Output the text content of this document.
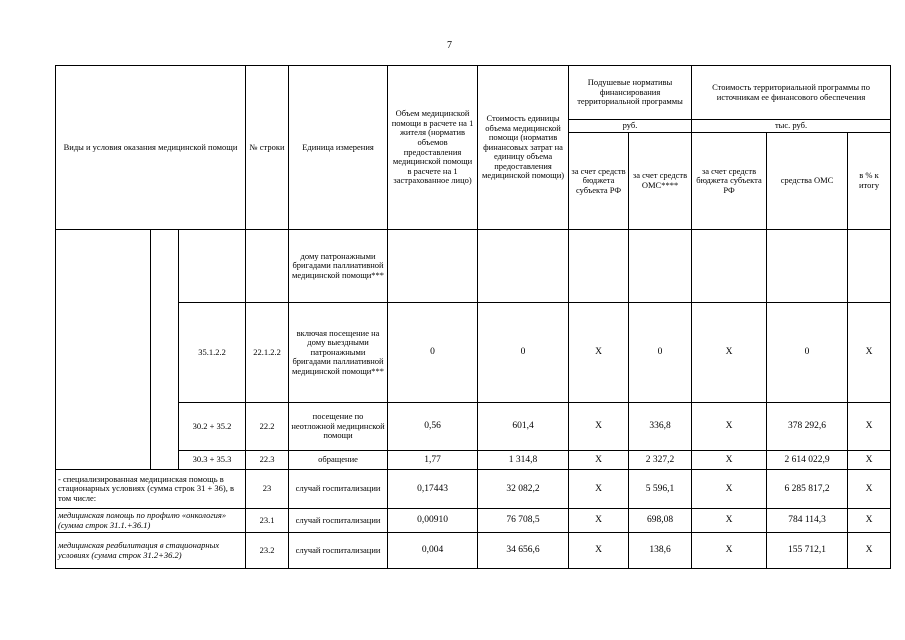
7
Виды и условия оказания медицинской помощи			№ строки	Единица измерения	Объем медицинской помощи в расчете на 1 жителя (норматив объемов предоставления медицинской помощи в расчете на 1 застрахованное лицо)	Стоимость единицы объема медицинской помощи (норматив финансовых затрат на единицу объема предоставления медицинской помощи)	Подушевые нормативы финансирования территориальной программы		Стоимость территориальной программы по источникам ее финансового обеспечения		
							руб.		тыс. руб.		
							за счет средств бюджета субъекта РФ	за счет средств ОМС****	за счет средств бюджета субъекта РФ	средства ОМС	в % к итогу
				дому патронажными бригадами паллиативной медицинской помощи***							
		35.1.2.2	22.1.2.2	включая посещение на дому выездными патронажными бригадами паллиативной медицинской помощи***	0	0	Х	0	Х	0	Х
		30.2 + 35.2	22.2	посещение по неотложной медицинской помощи	0,56	601,4	Х	336,8	Х	378 292,6	Х
		30.3 + 35.3	22.3	обращение	1,77	1 314,8	Х	2 327,2	Х	2 614 022,9	Х
- специализированная медицинская помощь в стационарных условиях (сумма строк 31 + 36), в том числе:			23	случай госпитализации	0,17443	32 082,2	Х	5 596,1	Х	6 285 817,2	Х
медицинская помощь по профилю «онкология» (сумма строк 31.1.+36.1)			23.1	случай госпитализации	0,00910	76 708,5	Х	698,08	Х	784 114,3	Х
медицинская реабилитация в стационарных условиях (сумма строк 31.2+36.2)			23.2	случай госпитализации	0,004	34 656,6	Х	138,6	Х	155 712,1	Х
